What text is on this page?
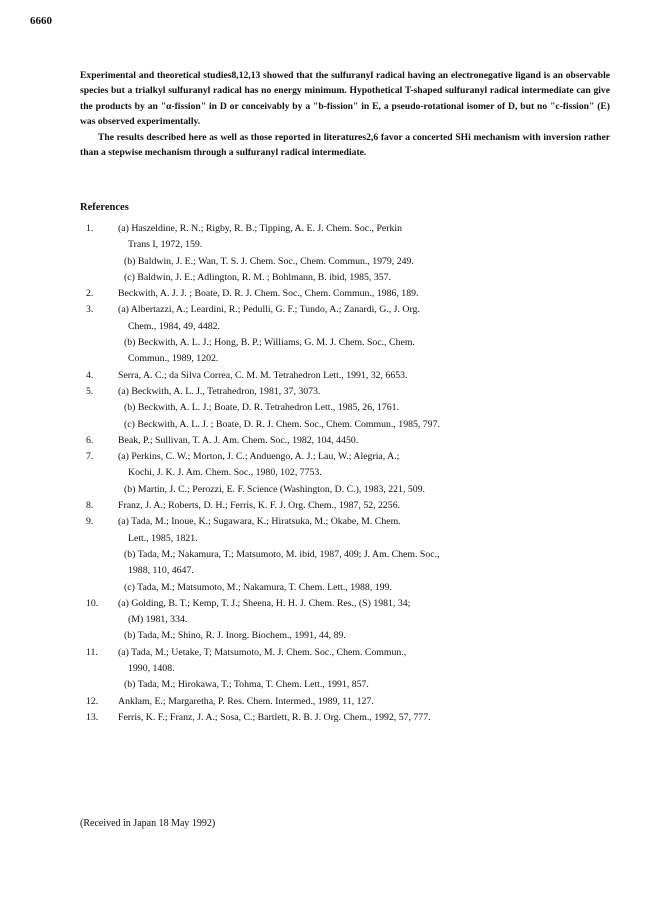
6660

Experimental and theoretical studies8,12,13 showed that the sulfuranyl radical having an electronegative ligand is an observable species but a trialkyl sulfuranyl radical has no energy minimum. Hypothetical T-shaped sulfuranyl radical intermediate can give the products by an "α-fission" in D or conceivably by a "b-fission" in E, a pseudo-rotational isomer of D, but no "c-fission" (E) was observed experimentally.

The results described here as well as those reported in literatures2,6 favor a concerted SHi mechanism with inversion rather than a stepwise mechanism through a sulfuranyl radical intermediate.

References
1.	(a) Haszeldine, R. N.; Rigby, R. B.; Tipping, A. E. J. Chem. Soc., Perkin
Trans I, 1972, 159.
(b) Baldwin, J. E.; Wan, T. S. J. Chem. Soc., Chem. Commun., 1979, 249.
(c) Baldwin, J. E.; Adlington, R. M. ; Bohlmann, B. ibid, 1985, 357.
2.	Beckwith, A. J. J. ; Boate, D. R. J. Chem. Soc., Chem. Commun., 1986, 189.
3.	(a) Albertazzi, A.; Leardini, R.; Pedulli, G. F.; Tundo, A.; Zanardi, G., J. Org.
Chem., 1984, 49, 4482.
(b) Beckwith, A. L. J.; Hong, B. P.; Williams, G. M. J. Chem. Soc., Chem.
Commun., 1989, 1202.
4.	Serra, A. C.; da Silva Correa, C. M. M. Tetrahedron Lett., 1991, 32, 6653.
5.	(a) Beckwith, A. L. J., Tetrahedron, 1981, 37, 3073.
(b) Beckwith, A. L. J.; Boate, D. R. Tetrahedron Lett., 1985, 26, 1761.
(c) Beckwith, A. L. J. ; Boate, D. R. J. Chem. Soc., Chem. Commun., 1985, 797.
6.	Beak, P.; Sullivan, T. A. J. Am. Chem. Soc., 1982, 104, 4450.
7.	(a) Perkins, C. W.; Morton, J. C.; Anduengo, A. J.; Lau, W.; Alegria, A.;
Kochi, J. K. J. Am. Chem. Soc., 1980, 102, 7753.
(b) Martin, J. C.; Perozzi, E. F. Science (Washington, D. C.), 1983, 221, 509.
8.	Franz, J. A.; Roberts, D. H.; Ferris, K. F. J. Org. Chem., 1987, 52, 2256.
9.	(a) Tada, M.; Inoue, K.; Sugawara, K.; Hiratsuka, M.; Okabe, M. Chem.
Lett., 1985, 1821.
(b) Tada, M.; Nakamura, T.; Matsumoto, M. ibid, 1987, 409; J. Am. Chem. Soc.,
1988, 110, 4647.
(c) Tada, M.; Matsumoto, M.; Nakamura, T. Chem. Lett., 1988, 199.
10.	(a) Golding, B. T.; Kemp, T. J.; Sheena, H. H. J. Chem. Res., (S) 1981, 34;
(M) 1981, 334.
(b) Tada, M.; Shino, R. J. Inorg. Biochem., 1991, 44, 89.
11.	(a) Tada, M.; Uetake, T; Matsumoto, M. J. Chem. Soc., Chem. Commun.,
1990, 1408.
(b) Tada, M.; Hirokawa, T.; Tohma, T. Chem. Lett., 1991, 857.
12.	Anklam, E.; Margaretha, P. Res. Chem. Intermed., 1989, 11, 127.
13.	Ferris, K. F.; Franz, J. A.; Sosa, C.; Bartlett, R. B. J. Org. Chem., 1992, 57, 777.
(Received in Japan 18 May 1992)
